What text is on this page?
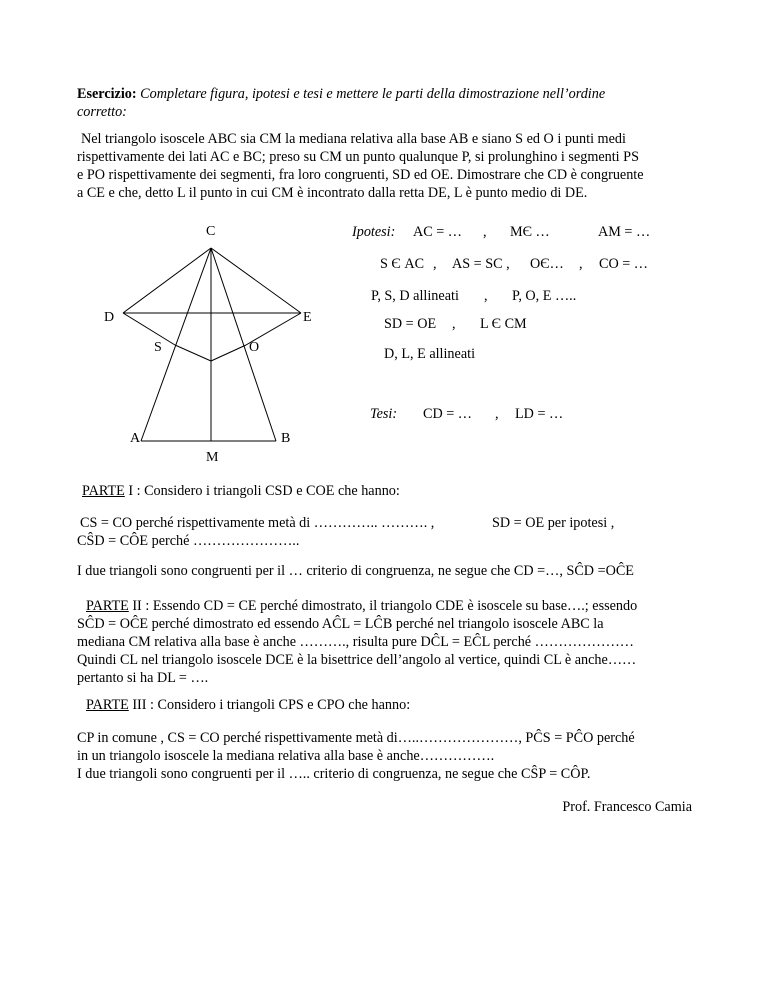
Esercizio: Completare figura, ipotesi e tesi e mettere le parti della dimostrazione nell’ordine
corretto:
Nel triangolo isoscele ABC sia CM la mediana relativa alla base AB e siano S ed O i punti medi
rispettivamente dei lati AC e BC; preso su CM un punto qualunque P, si prolunghino i segmenti PS
e PO rispettivamente dei segmenti, fra loro congruenti, SD ed OE. Dimostrare che CD è congruente
a CE e che, detto L il punto in cui CM è incontrato dalla retta DE, L è punto medio di DE.
C
D	E
S	O
A	B
M
Ipotesi: AC = … , MЄ …	AM = …
S Є AC , AS = SC , OЄ… , CO = …
P, S, D allineati , P, O, E …..
SD = OE , L Є CM
D, L, E allineati
Tesi: CD = … , LD = …
PARTE I : Considero i triangoli CSD e COE che hanno:
CS = CO perché rispettivamente metà di ………….. ………. ,	SD = OE per ipotesi ,
CŜD = CÔE perché …………………..
I due triangoli sono congruenti per il … criterio di congruenza, ne segue che CD =…, SĈD =OĈE
PARTE II : Essendo CD = CE perché dimostrato, il triangolo CDE è isoscele su base….; essendo
SĈD = OĈE perché dimostrato ed essendo AĈL = LĈB perché nel triangolo isoscele ABC la
mediana CM relativa alla base è anche ………., risulta pure DĈL = EĈL perché …………………
Quindi CL nel triangolo isoscele DCE è la bisettrice dell’angolo al vertice, quindi CL è anche……
pertanto si ha DL = ….
PARTE III : Considero i triangoli CPS e CPO che hanno:
CP in comune , CS = CO perché rispettivamente metà di…..…………………, PĈS = PĈO perché
in un triangolo isoscele la mediana relativa alla base è anche…………….
I due triangoli sono congruenti per il ….. criterio di congruenza, ne segue che CŜP = CÔP.
Prof. Francesco Camia
